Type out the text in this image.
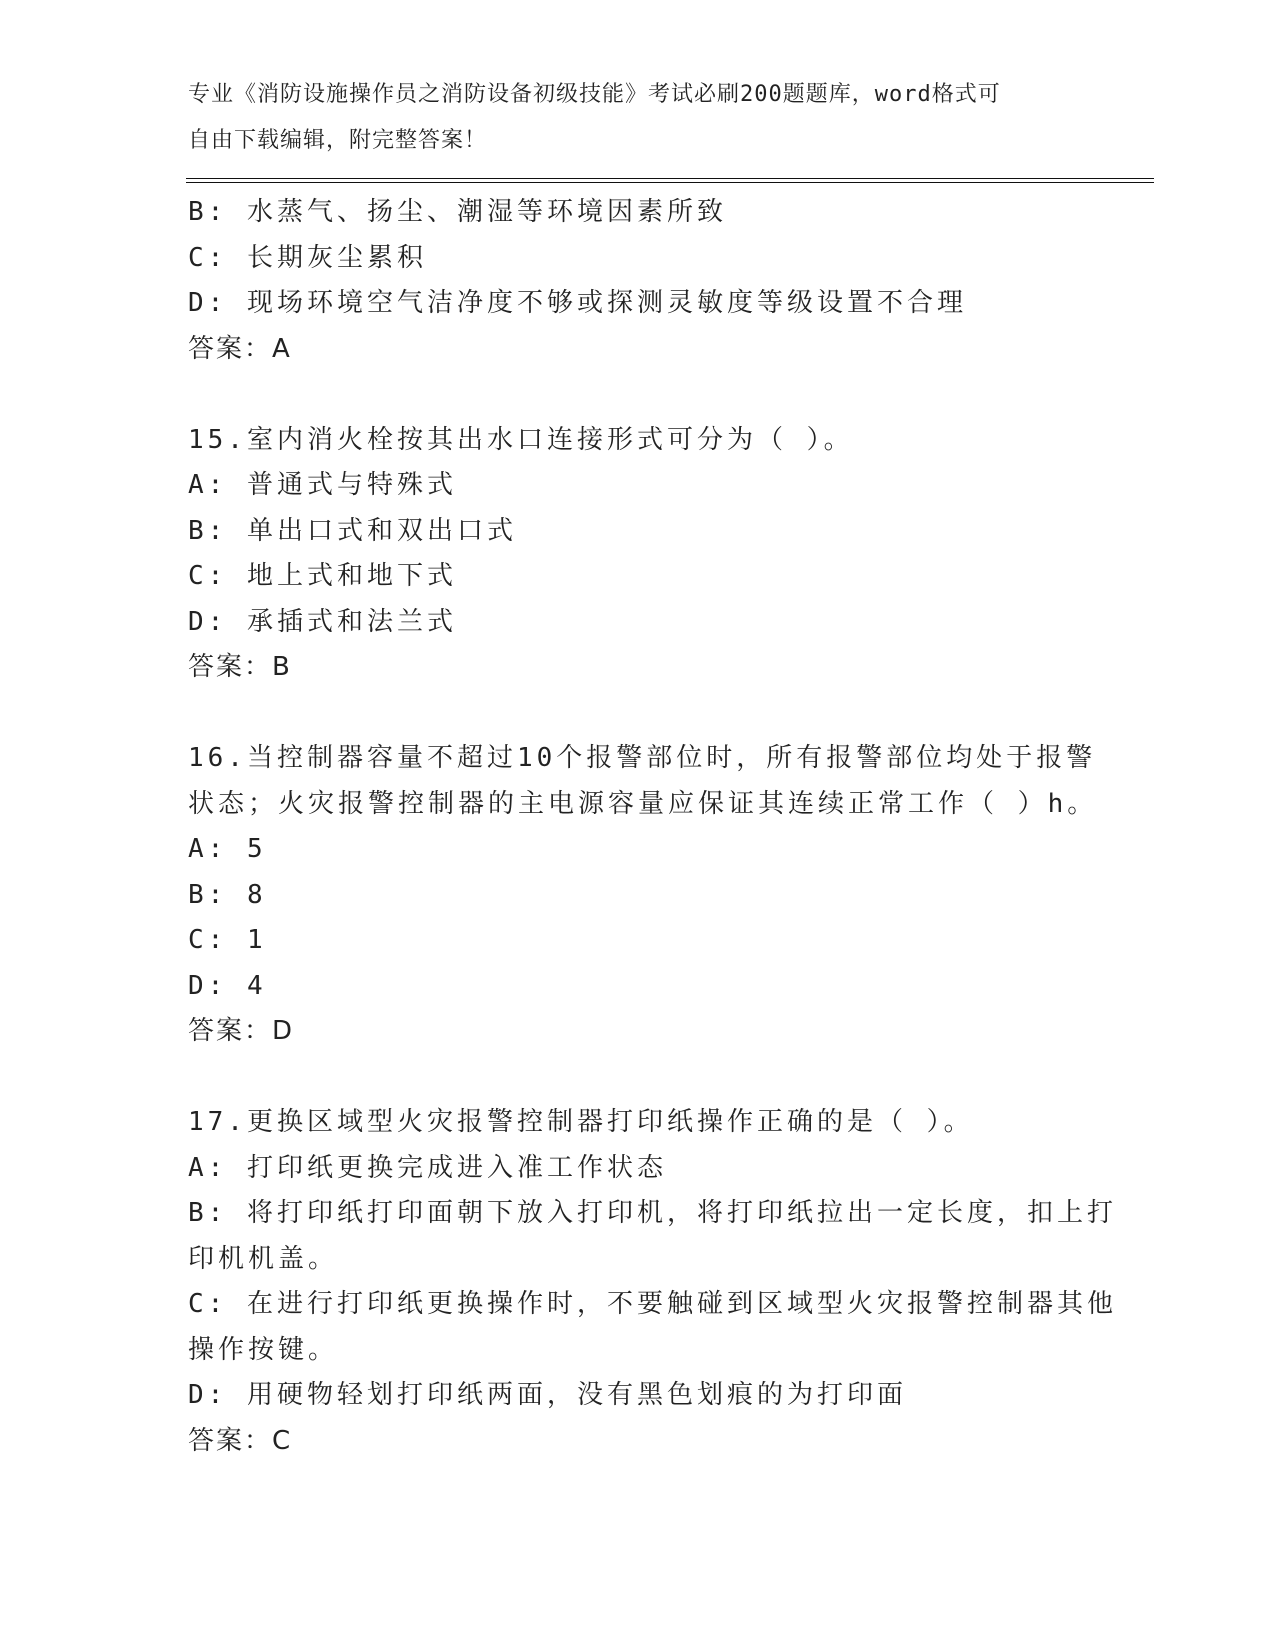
专业《消防设施操作员之消防设备初级技能》考试必刷200题题库，word格式可
自由下载编辑，附完整答案！
B: 水蒸气、扬尘、潮湿等环境因素所致
C: 长期灰尘累积
D: 现场环境空气洁净度不够或探测灵敏度等级设置不合理
答案：A
15.室内消火栓按其出水口连接形式可分为（ ）。
A: 普通式与特殊式
B: 单出口式和双出口式
C: 地上式和地下式
D: 承插式和法兰式
答案：B
16.当控制器容量不超过10个报警部位时，所有报警部位均处于报警
状态；火灾报警控制器的主电源容量应保证其连续正常工作（ ）h。
A: 5
B: 8
C: 1
D: 4
答案：D
17.更换区域型火灾报警控制器打印纸操作正确的是（ ）。
A: 打印纸更换完成进入准工作状态
B: 将打印纸打印面朝下放入打印机，将打印纸拉出一定长度，扣上打
印机机盖。
C: 在进行打印纸更换操作时，不要触碰到区域型火灾报警控制器其他
操作按键。
D: 用硬物轻划打印纸两面，没有黑色划痕的为打印面
答案：C
